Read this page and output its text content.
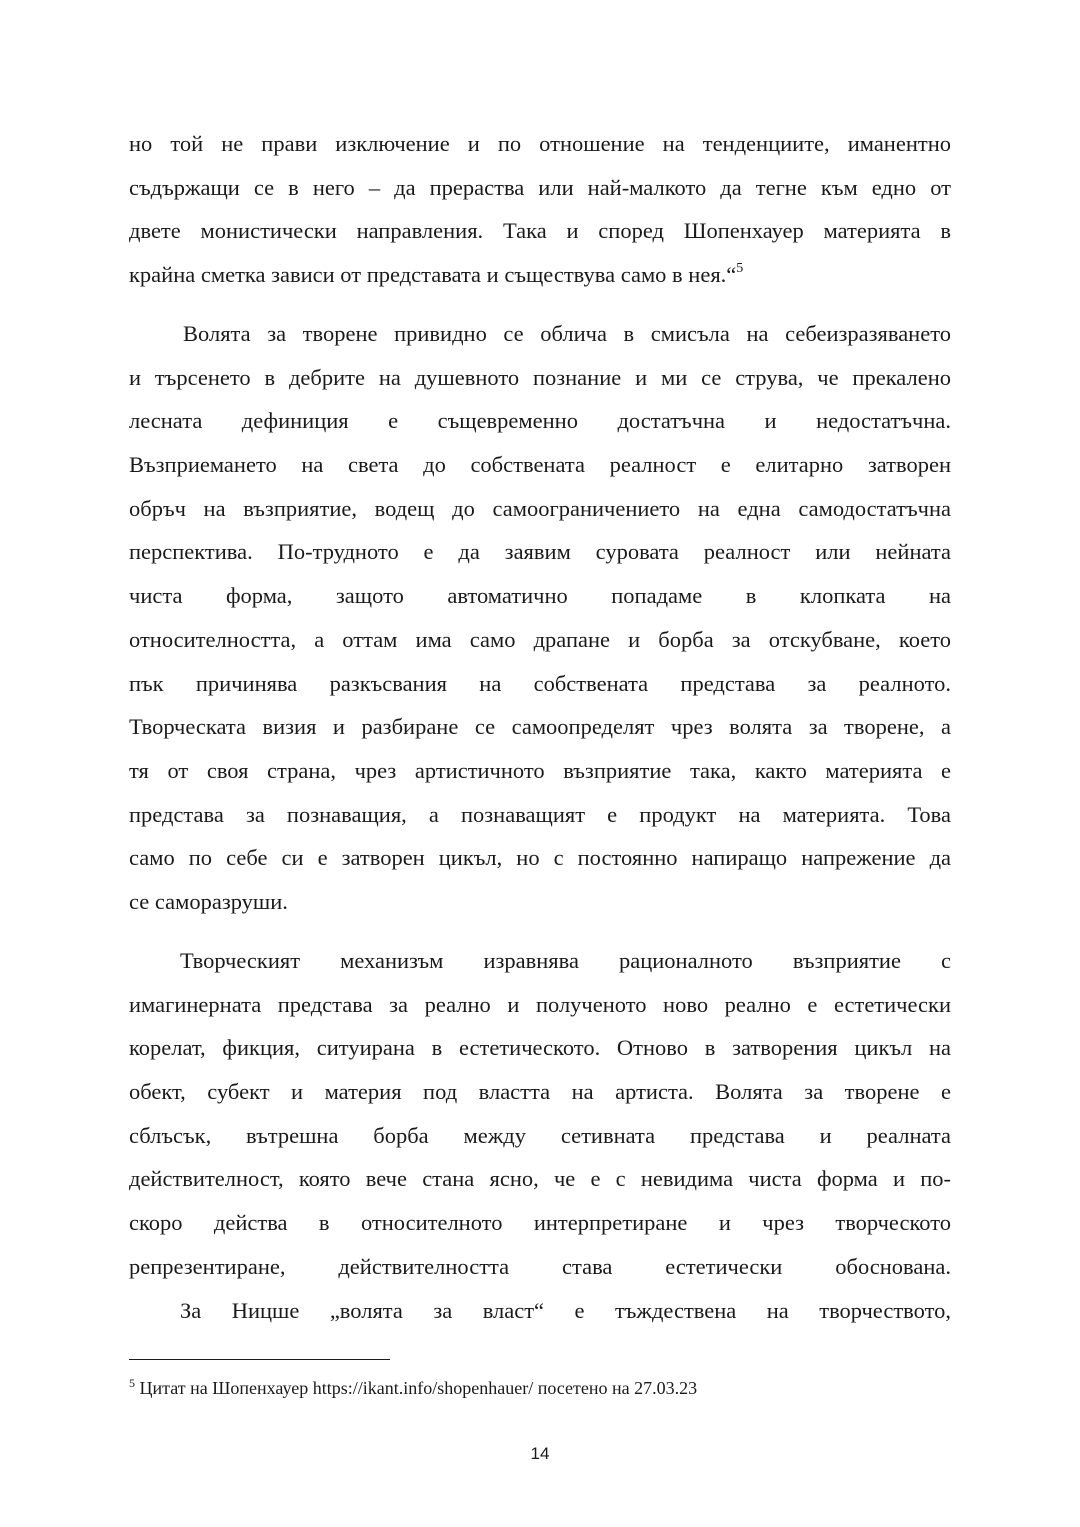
но той не прави изключение и по отношение на тенденциите, иманентно
съдържащи се в него – да прераства или най-малкото да тегне към едно от
двете монистически направления. Така и според Шопенхауер материята в
крайна сметка зависи от представата и съществува само в нея.“$^5$
Волята за творене привидно се облича в смисъла на себеизразяването
и търсенето в дебрите на душевното познание и ми се струва, че прекалено
лесната дефиниция е същевременно достатъчна и недостатъчна.
Възприемането на света до собствената реалност е елитарно затворен
обръч на възприятие, водещ до самоограничението на една самодостатъчна
перспектива. По-трудното е да заявим суровата реалност или нейната
чиста форма, защото автоматично попадаме в клопката на
относителността, а оттам има само драпане и борба за отскубване, което
пък причинява разкъсвания на собствената представа за реалното.
Творческата визия и разбиране се самоопределят чрез волята за творене, а
тя от своя страна, чрез артистичното възприятие така, както материята е
представа за познаващия, а познаващият е продукт на материята. Това
само по себе си е затворен цикъл, но с постоянно напиращо напрежение да
се саморазруши.
Творческият механизъм изравнява рационалното възприятие с
имагинерната представа за реално и полученото ново реално е естетически
корелат, фикция, ситуирана в естетическото. Отново в затворения цикъл на
обект, субект и материя под властта на артиста. Волята за творене е
сблъсък, вътрешна борба между сетивната представа и реалната
действителност, която вече стана ясно, че е с невидима чиста форма и по-
скоро действа в относителното интерпретиране и чрез творческото
репрезентиране, действителността става естетически обоснована.
За Ницше „волята за власт“ е тъждествена на творчеството,
$^5$ Цитат на Шопенхауер https://ikant.info/shopenhauer/ посетено на 27.03.23
14
